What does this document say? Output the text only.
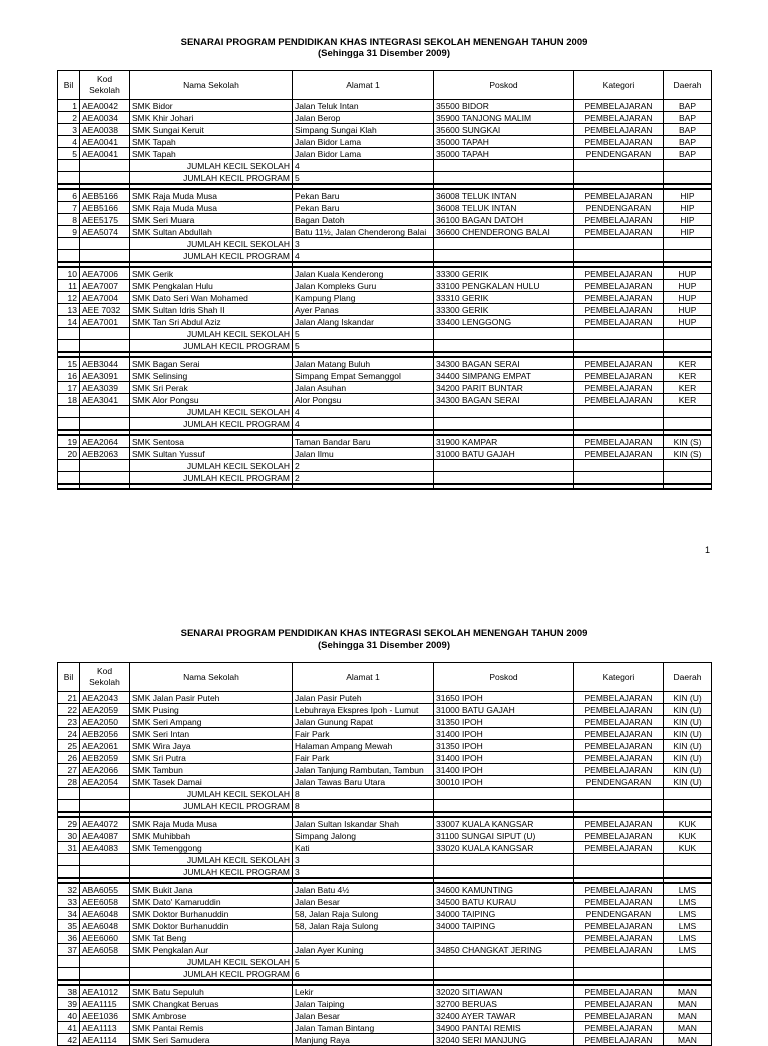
SENARAI PROGRAM PENDIDIKAN KHAS INTEGRASI SEKOLAH MENENGAH TAHUN 2009
(Sehingga 31 Disember 2009)
Bil	Kod Sekolah	Nama Sekolah	Alamat 1	Poskod	Kategori	Daerah
1	AEA0042	SMK Bidor	Jalan Teluk Intan	35500 BIDOR	PEMBELAJARAN	BAP
2	AEA0034	SMK Khir Johari	Jalan Berop	35900 TANJONG MALIM	PEMBELAJARAN	BAP
3	AEA0038	SMK Sungai Keruit	Simpang Sungai Klah	35600 SUNGKAI	PEMBELAJARAN	BAP
4	AEA0041	SMK Tapah	Jalan Bidor Lama	35000 TAPAH	PEMBELAJARAN	BAP
5	AEA0041	SMK Tapah	Jalan Bidor Lama	35000 TAPAH	PENDENGARAN	BAP
		JUMLAH KECIL SEKOLAH	4			
		JUMLAH KECIL PROGRAM	5			

6	AEB5166	SMK Raja Muda Musa	Pekan Baru	36008 TELUK INTAN	PEMBELAJARAN	HIP
7	AEB5166	SMK Raja Muda Musa	Pekan Baru	36008 TELUK INTAN	PENDENGARAN	HIP
8	AEE5175	SMK Seri Muara	Bagan Datoh	36100 BAGAN DATOH	PEMBELAJARAN	HIP
9	AEA5074	SMK Sultan Abdullah	Batu 11½, Jalan Chenderong Balai	36600 CHENDERONG BALAI	PEMBELAJARAN	HIP
		JUMLAH KECIL SEKOLAH	3			
		JUMLAH KECIL PROGRAM	4			

10	AEA7006	SMK Gerik	Jalan Kuala Kenderong	33300 GERIK	PEMBELAJARAN	HUP
11	AEA7007	SMK Pengkalan Hulu	Jalan Kompleks Guru	33100 PENGKALAN HULU	PEMBELAJARAN	HUP
12	AEA7004	SMK Dato Seri Wan Mohamed	Kampung Plang	33310 GERIK	PEMBELAJARAN	HUP
13	AEE 7032	SMK Sultan Idris Shah II	Ayer Panas	33300 GERIK	PEMBELAJARAN	HUP
14	AEA7001	SMK Tan Sri Abdul Aziz	Jalan Alang Iskandar	33400 LENGGONG	PEMBELAJARAN	HUP
		JUMLAH KECIL SEKOLAH	5			
		JUMLAH KECIL PROGRAM	5			

15	AEB3044	SMK Bagan Serai	Jalan Matang Buluh	34300 BAGAN SERAI	PEMBELAJARAN	KER
16	AEA3091	SMK Selinsing	Simpang Empat Semanggol	34400 SIMPANG EMPAT	PEMBELAJARAN	KER
17	AEA3039	SMK Sri Perak	Jalan Asuhan	34200 PARIT BUNTAR	PEMBELAJARAN	KER
18	AEA3041	SMK Alor Pongsu	Alor Pongsu	34300 BAGAN SERAI	PEMBELAJARAN	KER
		JUMLAH KECIL SEKOLAH	4			
		JUMLAH KECIL PROGRAM	4			

19	AEA2064	SMK Sentosa	Taman Bandar Baru	31900 KAMPAR	PEMBELAJARAN	KIN (S)
20	AEB2063	SMK Sultan Yussuf	Jalan Ilmu	31000 BATU GAJAH	PEMBELAJARAN	KIN (S)
		JUMLAH KECIL SEKOLAH	2			
		JUMLAH KECIL PROGRAM	2			

1
SENARAI PROGRAM PENDIDIKAN KHAS INTEGRASI SEKOLAH MENENGAH TAHUN 2009
(Sehingga 31 Disember 2009)
Bil	Kod Sekolah	Nama Sekolah	Alamat 1	Poskod	Kategori	Daerah
21	AEA2043	SMK Jalan Pasir Puteh	Jalan Pasir Puteh	31650 IPOH	PEMBELAJARAN	KIN (U)
22	AEA2059	SMK Pusing	Lebuhraya Ekspres Ipoh - Lumut	31000 BATU GAJAH	PEMBELAJARAN	KIN (U)
23	AEA2050	SMK Seri Ampang	Jalan Gunung Rapat	31350 IPOH	PEMBELAJARAN	KIN (U)
24	AEB2056	SMK Seri Intan	Fair Park	31400 IPOH	PEMBELAJARAN	KIN (U)
25	AEA2061	SMK Wira Jaya	Halaman Ampang Mewah	31350 IPOH	PEMBELAJARAN	KIN (U)
26	AEB2059	SMK Sri Putra	Fair Park	31400 IPOH	PEMBELAJARAN	KIN (U)
27	AEA2066	SMK Tambun	Jalan Tanjung Rambutan, Tambun	31400 IPOH	PEMBELAJARAN	KIN (U)
28	AEA2054	SMK Tasek Damai	Jalan Tawas Baru Utara	30010 IPOH	PENDENGARAN	KIN (U)
		JUMLAH KECIL SEKOLAH	8			
		JUMLAH KECIL PROGRAM	8			

29	AEA4072	SMK Raja Muda Musa	Jalan Sultan Iskandar Shah	33007 KUALA KANGSAR	PEMBELAJARAN	KUK
30	AEA4087	SMK Muhibbah	Simpang Jalong	31100 SUNGAI SIPUT (U)	PEMBELAJARAN	KUK
31	AEA4083	SMK Temenggong	Kati	33020 KUALA KANGSAR	PEMBELAJARAN	KUK
		JUMLAH KECIL SEKOLAH	3			
		JUMLAH KECIL PROGRAM	3			

32	ABA6055	SMK Bukit Jana	Jalan Batu 4½	34600 KAMUNTING	PEMBELAJARAN	LMS
33	AEE6058	SMK Dato' Kamaruddin	Jalan Besar	34500 BATU KURAU	PEMBELAJARAN	LMS
34	AEA6048	SMK Doktor Burhanuddin	58, Jalan Raja Sulong	34000 TAIPING	PENDENGARAN	LMS
35	AEA6048	SMK Doktor Burhanuddin	58, Jalan Raja Sulong	34000 TAIPING	PEMBELAJARAN	LMS
36	AEE6060	SMK Tat Beng			PEMBELAJARAN	LMS
37	AEA6058	SMK Pengkalan Aur	Jalan Ayer Kuning	34850 CHANGKAT JERING	PEMBELAJARAN	LMS
		JUMLAH KECIL SEKOLAH	5			
		JUMLAH KECIL PROGRAM	6			

38	AEA1012	SMK Batu Sepuluh	Lekir	32020 SITIAWAN	PEMBELAJARAN	MAN
39	AEA1115	SMK Changkat Beruas	Jalan Taiping	32700 BERUAS	PEMBELAJARAN	MAN
40	AEE1036	SMK Ambrose	Jalan Besar	32400 AYER TAWAR	PEMBELAJARAN	MAN
41	AEA1113	SMK Pantai Remis	Jalan Taman Bintang	34900 PANTAI REMIS	PEMBELAJARAN	MAN
42	AEA1114	SMK Seri Samudera	Manjung Raya	32040 SERI MANJUNG	PEMBELAJARAN	MAN
